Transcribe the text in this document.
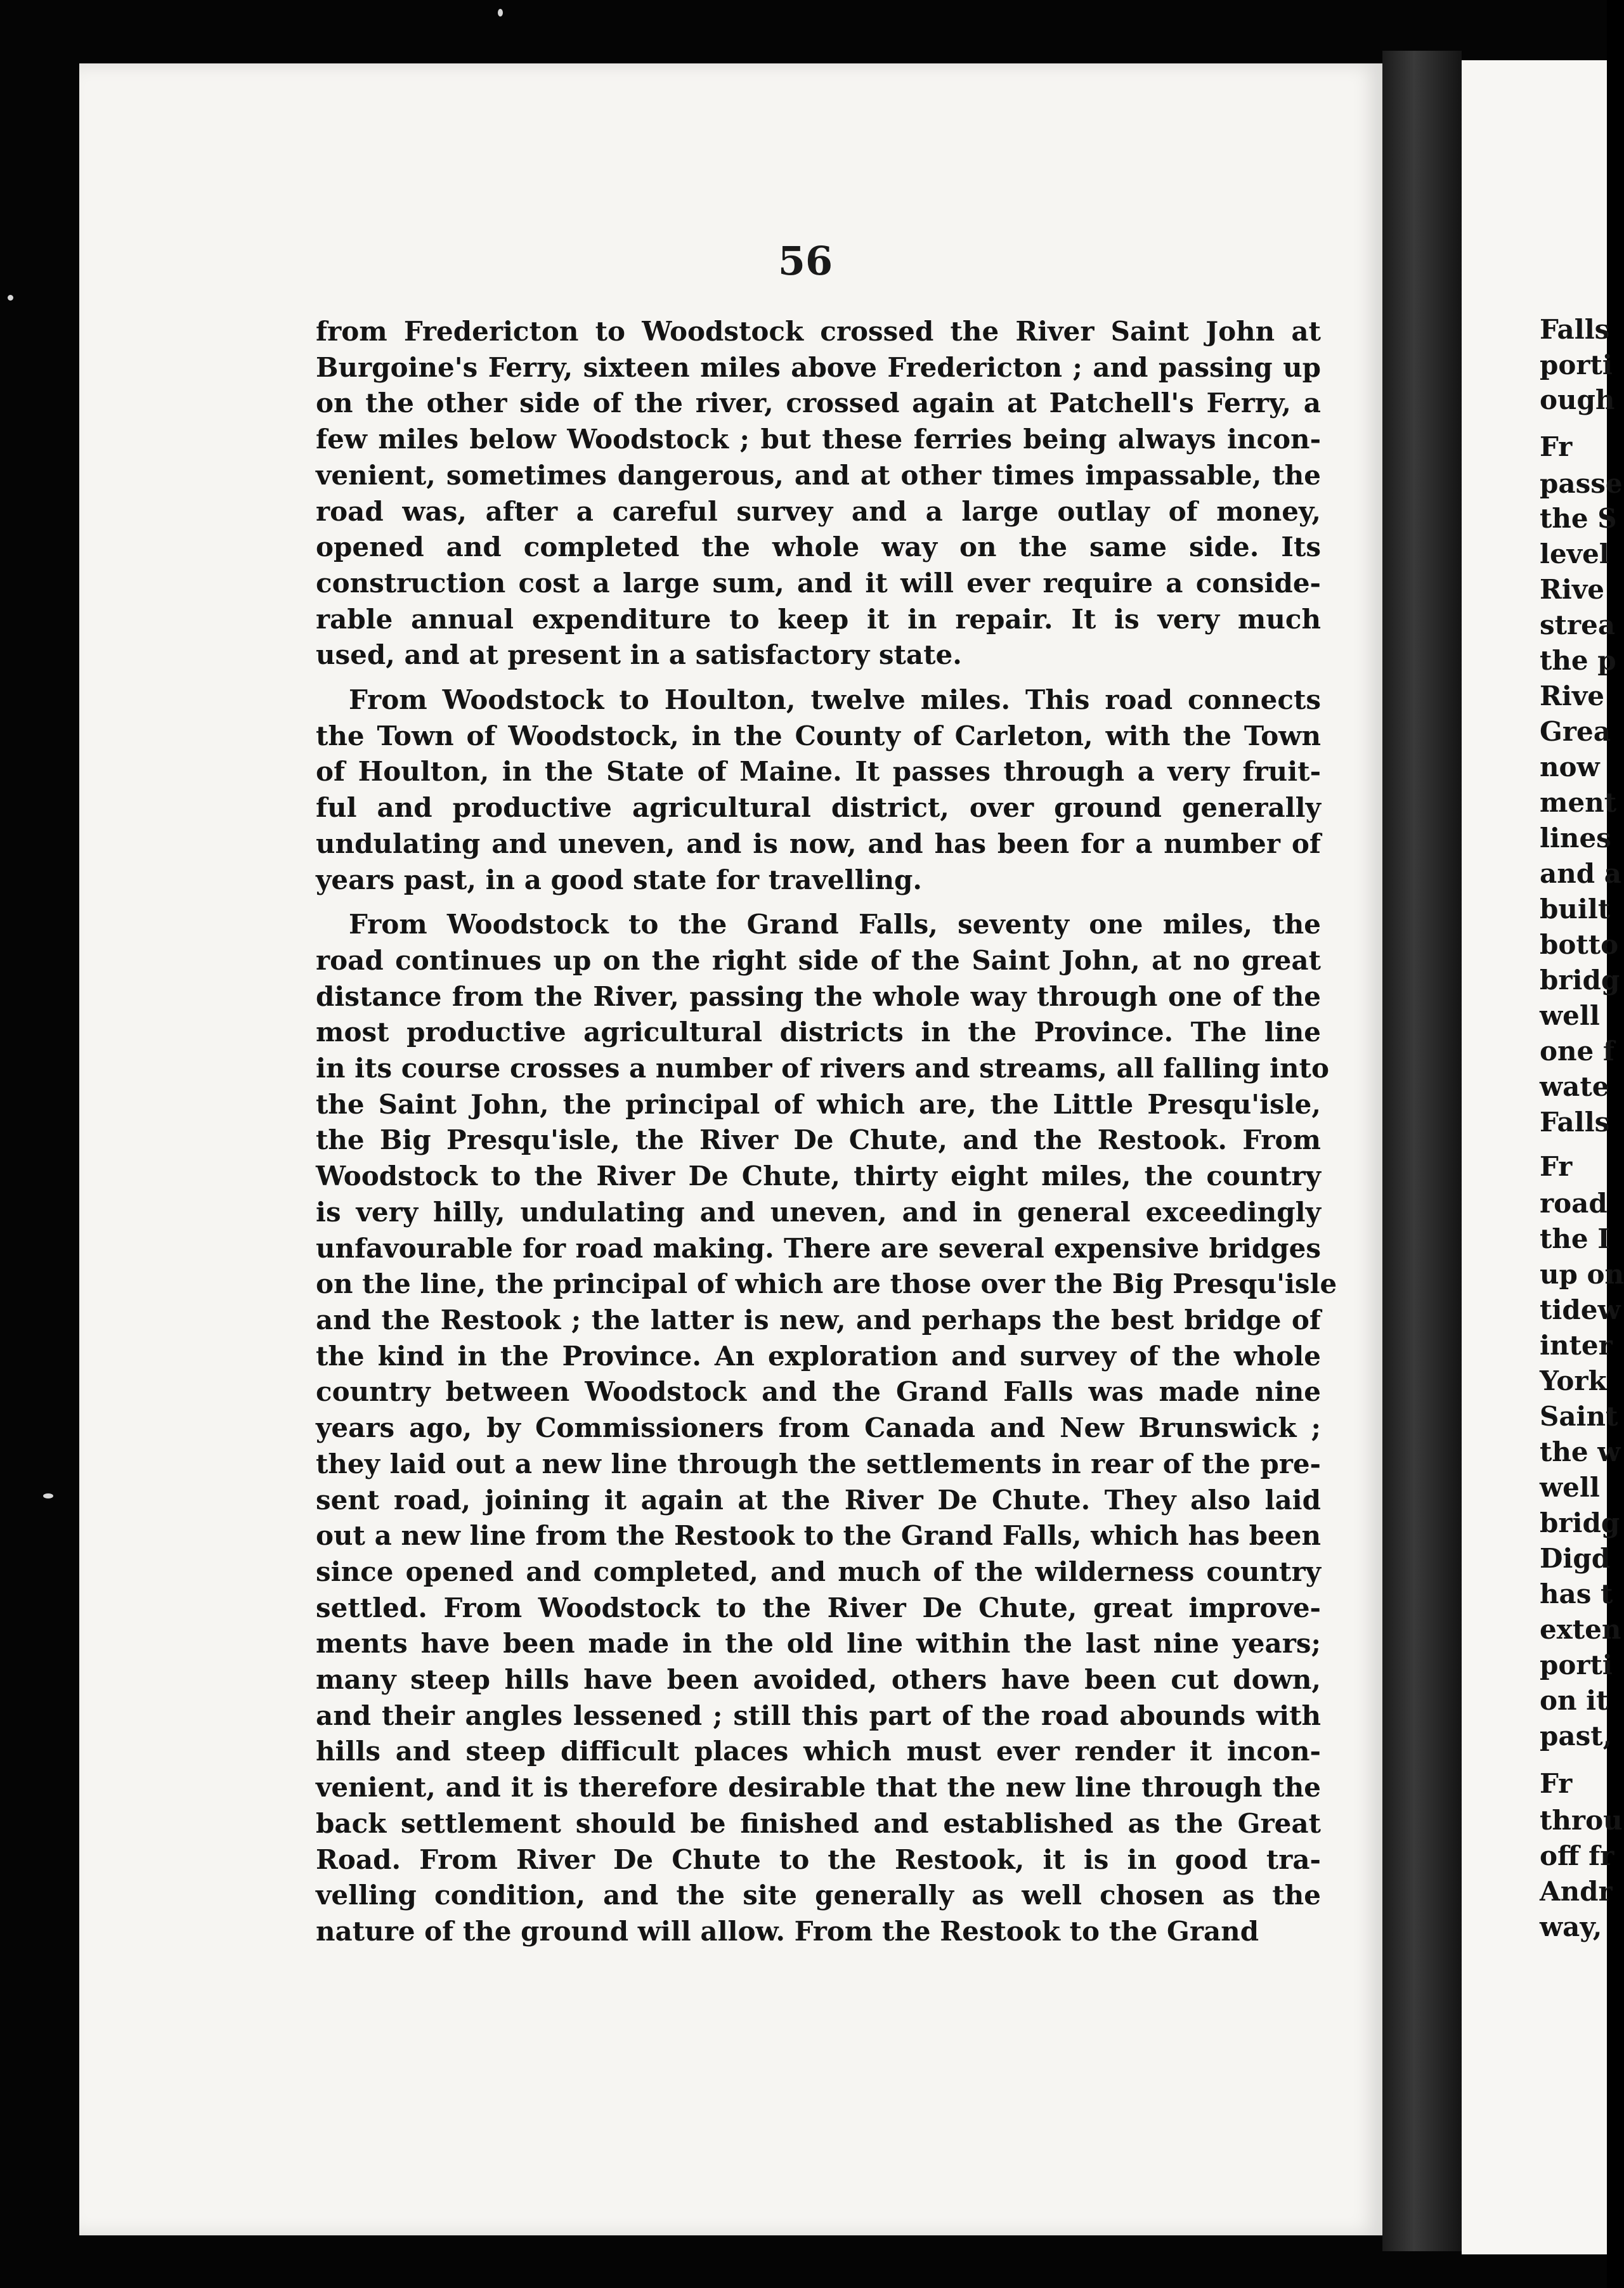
56
from Fredericton to Woodstock crossed the River Saint John at
Burgoine's Ferry, sixteen miles above Fredericton ; and passing up
on the other side of the river, crossed again at Patchell's Ferry, a
few miles below Woodstock ; but these ferries being always incon-
venient, sometimes dangerous, and at other times impassable, the
road was, after a careful survey and a large outlay of money,
opened and completed the whole way on the same side. Its
construction cost a large sum, and it will ever require a conside-
rable annual expenditure to keep it in repair. It is very much
used, and at present in a satisfactory state.
From Woodstock to Houlton, twelve miles. This road connects
the Town of Woodstock, in the County of Carleton, with the Town
of Houlton, in the State of Maine. It passes through a very fruit-
ful and productive agricultural district, over ground generally
undulating and uneven, and is now, and has been for a number of
years past, in a good state for travelling.
From Woodstock to the Grand Falls, seventy one miles, the
road continues up on the right side of the Saint John, at no great
distance from the River, passing the whole way through one of the
most productive agricultural districts in the Province. The line
in its course crosses a number of rivers and streams, all falling into
the Saint John, the principal of which are, the Little Presqu'isle,
the Big Presqu'isle, the River De Chute, and the Restook. From
Woodstock to the River De Chute, thirty eight miles, the country
is very hilly, undulating and uneven, and in general exceedingly
unfavourable for road making. There are several expensive bridges
on the line, the principal of which are those over the Big Presqu'isle
and the Restook ; the latter is new, and perhaps the best bridge of
the kind in the Province. An exploration and survey of the whole
country between Woodstock and the Grand Falls was made nine
years ago, by Commissioners from Canada and New Brunswick ;
they laid out a new line through the settlements in rear of the pre-
sent road, joining it again at the River De Chute. They also laid
out a new line from the Restook to the Grand Falls, which has been
since opened and completed, and much of the wilderness country
settled. From Woodstock to the River De Chute, great improve-
ments have been made in the old line within the last nine years;
many steep hills have been avoided, others have been cut down,
and their angles lessened ; still this part of the road abounds with
hills and steep difficult places which must ever render it incon-
venient, and it is therefore desirable that the new line through the
back settlement should be finished and established as the Great
Road. From River De Chute to the Restook, it is in good tra-
velling condition, and the site generally as well chosen as the
nature of the ground will allow. From the Restook to the Grand
Falls
porti
ough
Fr
passe
the S
level
Rive
strea
the p
Rive
Grea
now
ment
lines
and a
built
botto
bridg
well
one f
wate
Falls
Fr
road
the I
up on
tidew
inter
York
Saint
the w
well
bridg
Digd
has t
exten
porti
on it
past,
Fr
throu
off fr
Andr
way,
